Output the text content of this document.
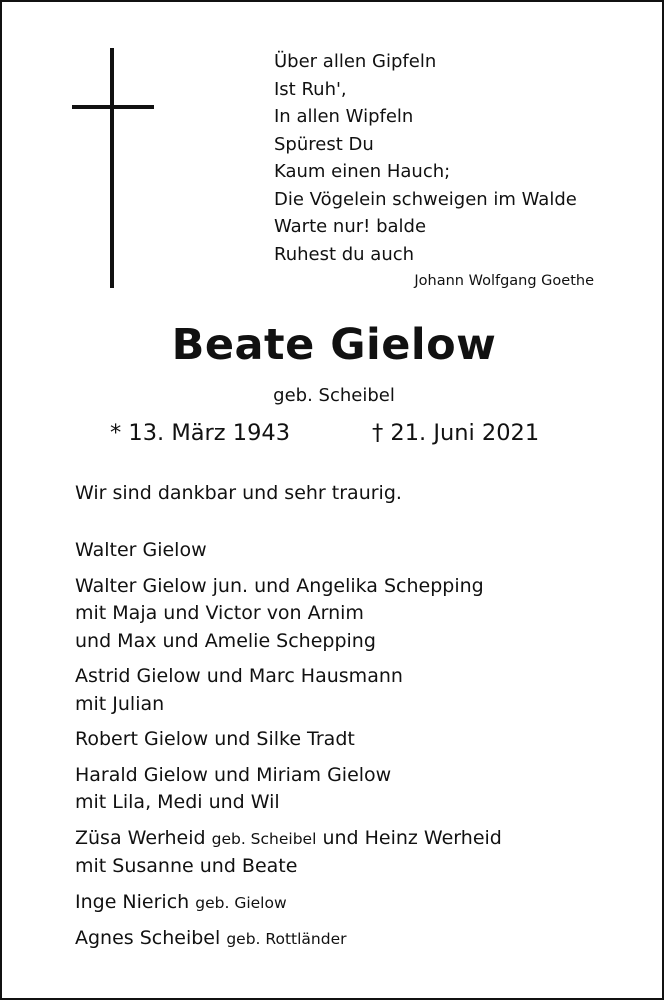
Über allen Gipfeln
Ist Ruh',
In allen Wipfeln
Spürest Du
Kaum einen Hauch;
Die Vögelein schweigen im Walde
Warte nur! balde
Ruhest du auch
Johann Wolfgang Goethe
Beate Gielow
geb. Scheibel
* 13. März 1943	† 21. Juni 2021
Wir sind dankbar und sehr traurig.
Walter Gielow
Walter Gielow jun. und Angelika Schepping
mit Maja und Victor von Arnim
und Max und Amelie Schepping
Astrid Gielow und Marc Hausmann
mit Julian
Robert Gielow und Silke Tradt
Harald Gielow und Miriam Gielow
mit Lila, Medi und Wil
Züsa Werheid geb. Scheibel und Heinz Werheid
mit Susanne und Beate
Inge Nierich geb. Gielow
Agnes Scheibel geb. Rottländer
